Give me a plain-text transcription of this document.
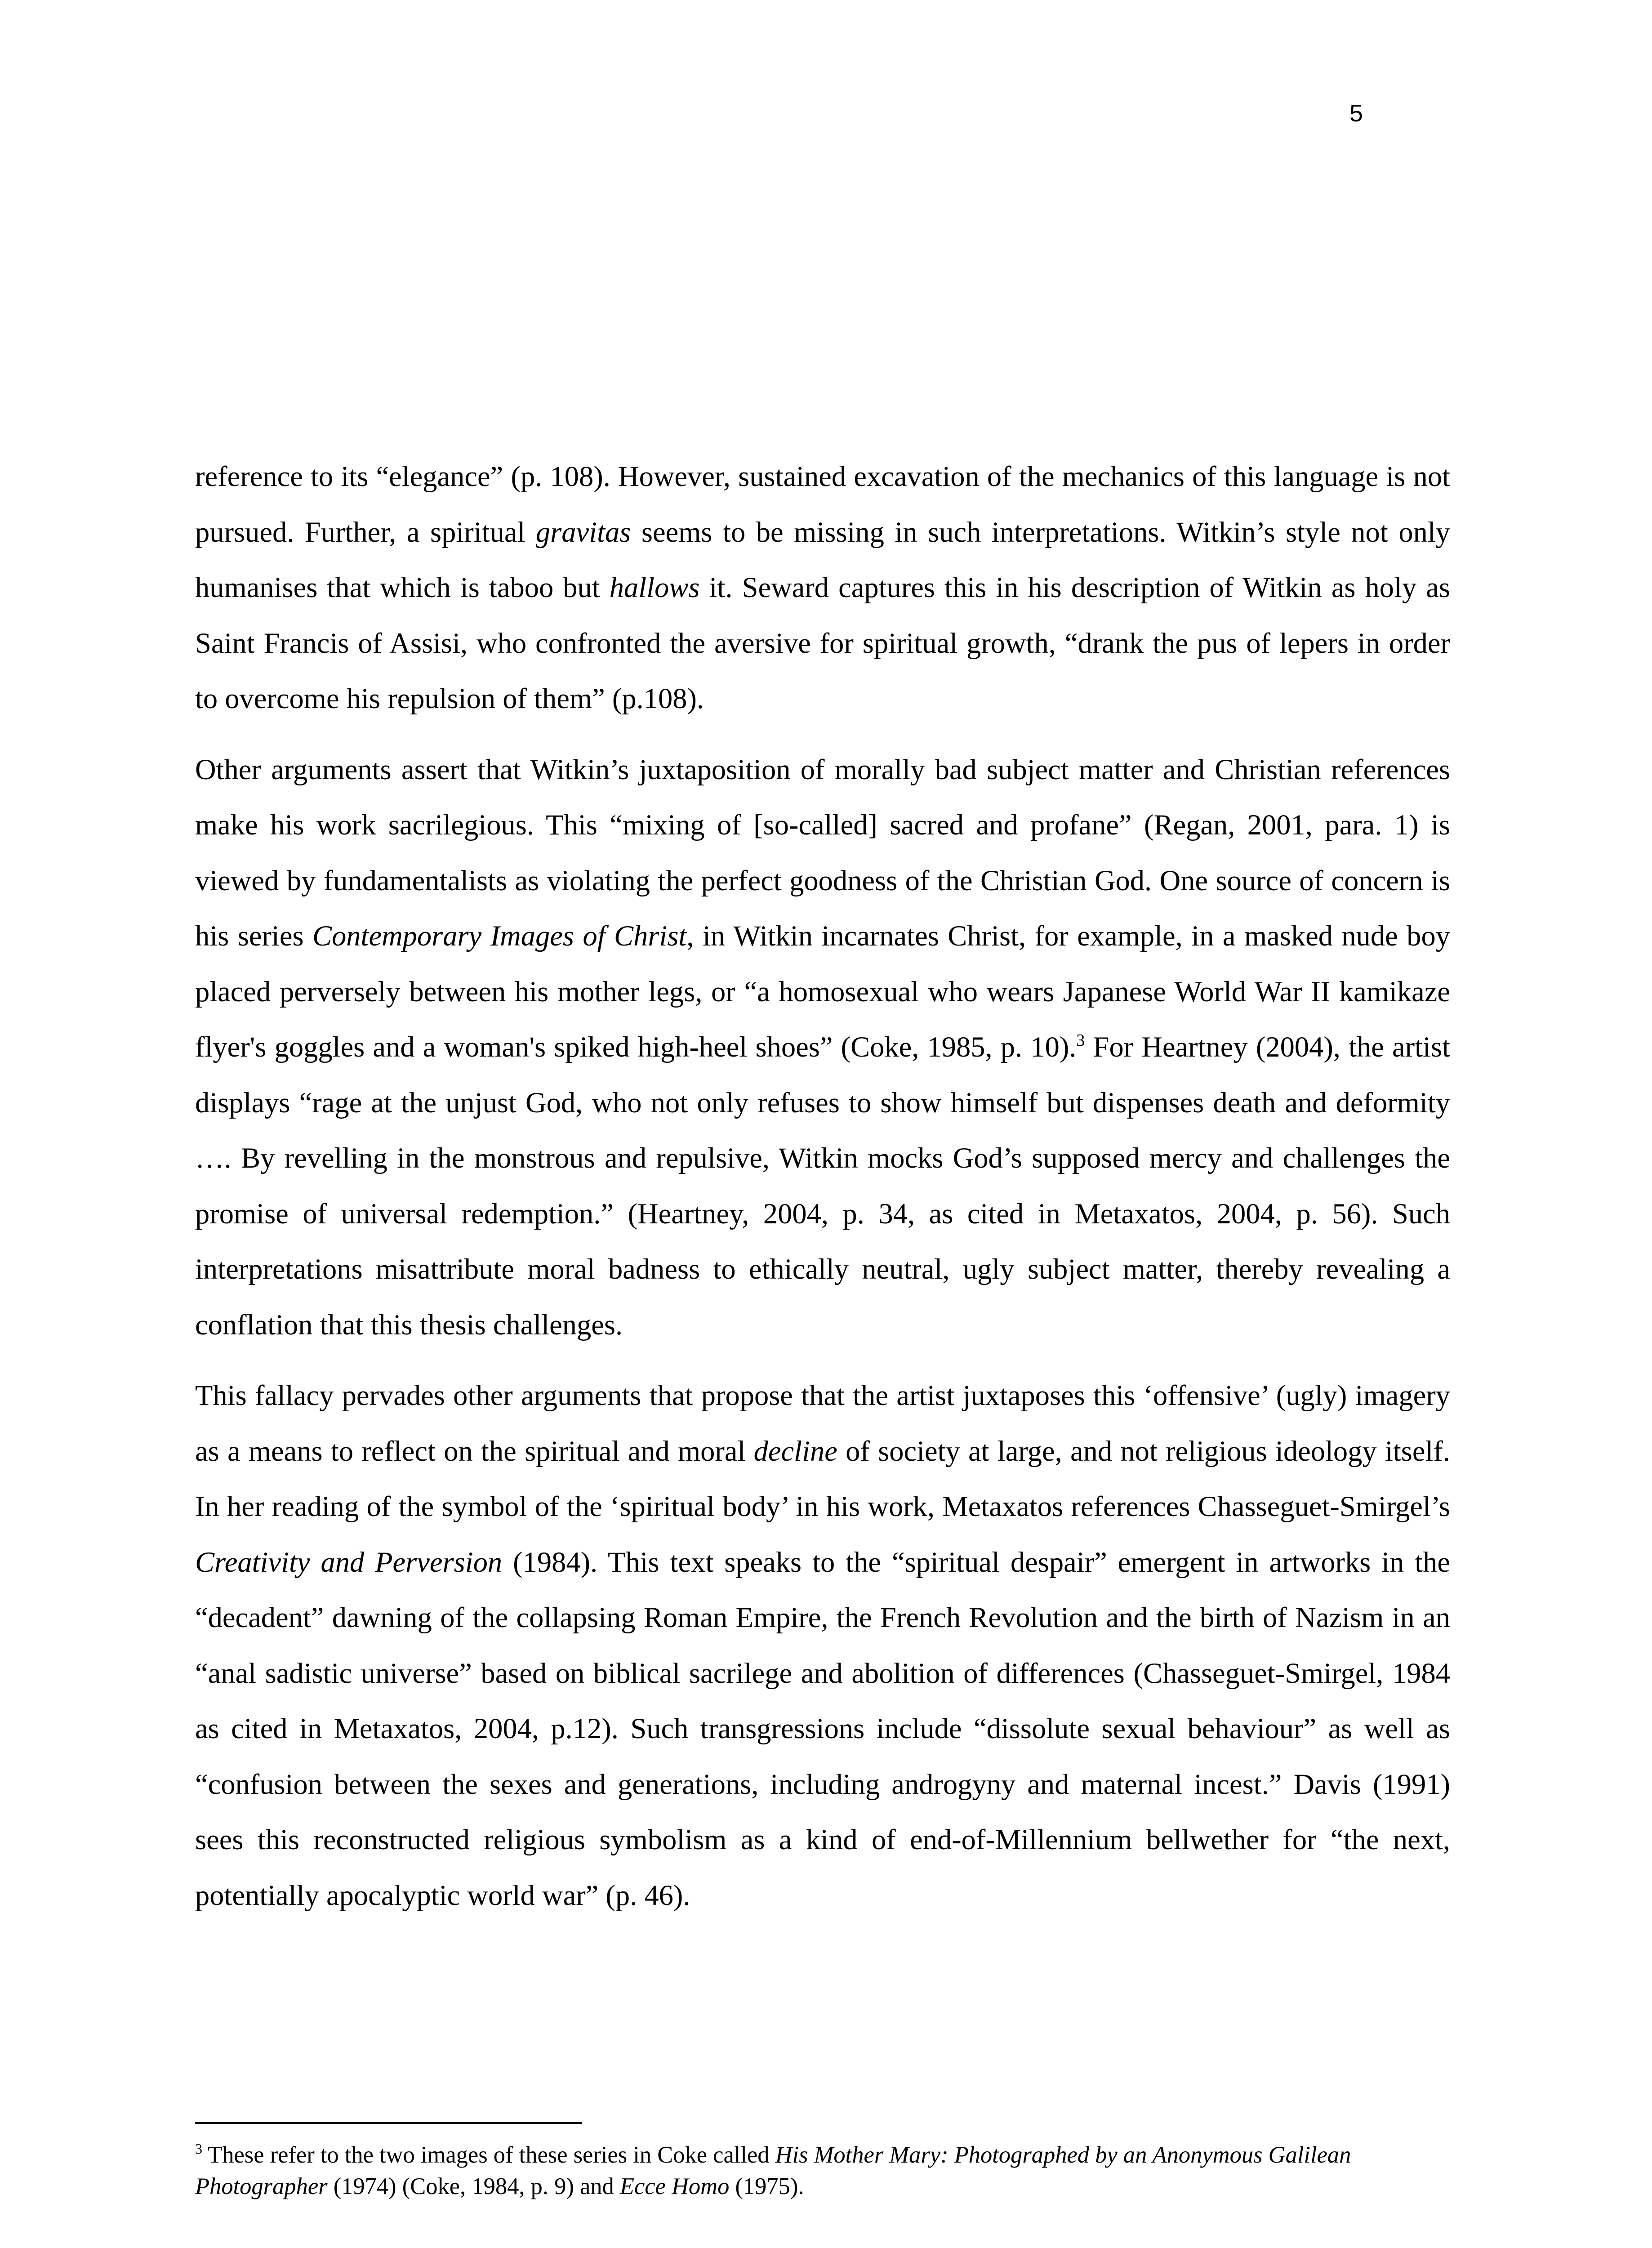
5

reference to its “elegance” (p. 108). However, sustained excavation of the mechanics of this language is not pursued. Further, a spiritual gravitas seems to be missing in such interpretations. Witkin’s style not only humanises that which is taboo but hallows it. Seward captures this in his description of Witkin as holy as Saint Francis of Assisi, who confronted the aversive for spiritual growth, “drank the pus of lepers in order to overcome his repulsion of them” (p.108).

Other arguments assert that Witkin’s juxtaposition of morally bad subject matter and Christian references make his work sacrilegious. This “mixing of [so-called] sacred and profane” (Regan, 2001, para. 1) is viewed by fundamentalists as violating the perfect goodness of the Christian God. One source of concern is his series Contemporary Images of Christ, in Witkin incarnates Christ, for example, in a masked nude boy placed perversely between his mother legs, or “a homosexual who wears Japanese World War II kamikaze flyer's goggles and a woman's spiked high-heel shoes” (Coke, 1985, p. 10).$^3$ For Heartney (2004), the artist displays “rage at the unjust God, who not only refuses to show himself but dispenses death and deformity …. By revelling in the monstrous and repulsive, Witkin mocks God’s supposed mercy and challenges the promise of universal redemption.” (Heartney, 2004, p. 34, as cited in Metaxatos, 2004, p. 56). Such interpretations misattribute moral badness to ethically neutral, ugly subject matter, thereby revealing a conflation that this thesis challenges.

This fallacy pervades other arguments that propose that the artist juxtaposes this ‘offensive’ (ugly) imagery as a means to reflect on the spiritual and moral decline of society at large, and not religious ideology itself. In her reading of the symbol of the ‘spiritual body’ in his work, Metaxatos references Chasseguet-Smirgel’s Creativity and Perversion (1984). This text speaks to the “spiritual despair” emergent in artworks in the “decadent” dawning of the collapsing Roman Empire, the French Revolution and the birth of Nazism in an “anal sadistic universe” based on biblical sacrilege and abolition of differences (Chasseguet-Smirgel, 1984 as cited in Metaxatos, 2004, p.12). Such transgressions include “dissolute sexual behaviour” as well as “confusion between the sexes and generations, including androgyny and maternal incest.” Davis (1991) sees this reconstructed religious symbolism as a kind of end-of-Millennium bellwether for “the next, potentially apocalyptic world war” (p. 46).

$^3$ These refer to the two images of these series in Coke called His Mother Mary: Photographed by an Anonymous Galilean Photographer (1974) (Coke, 1984, p. 9) and Ecce Homo (1975).
